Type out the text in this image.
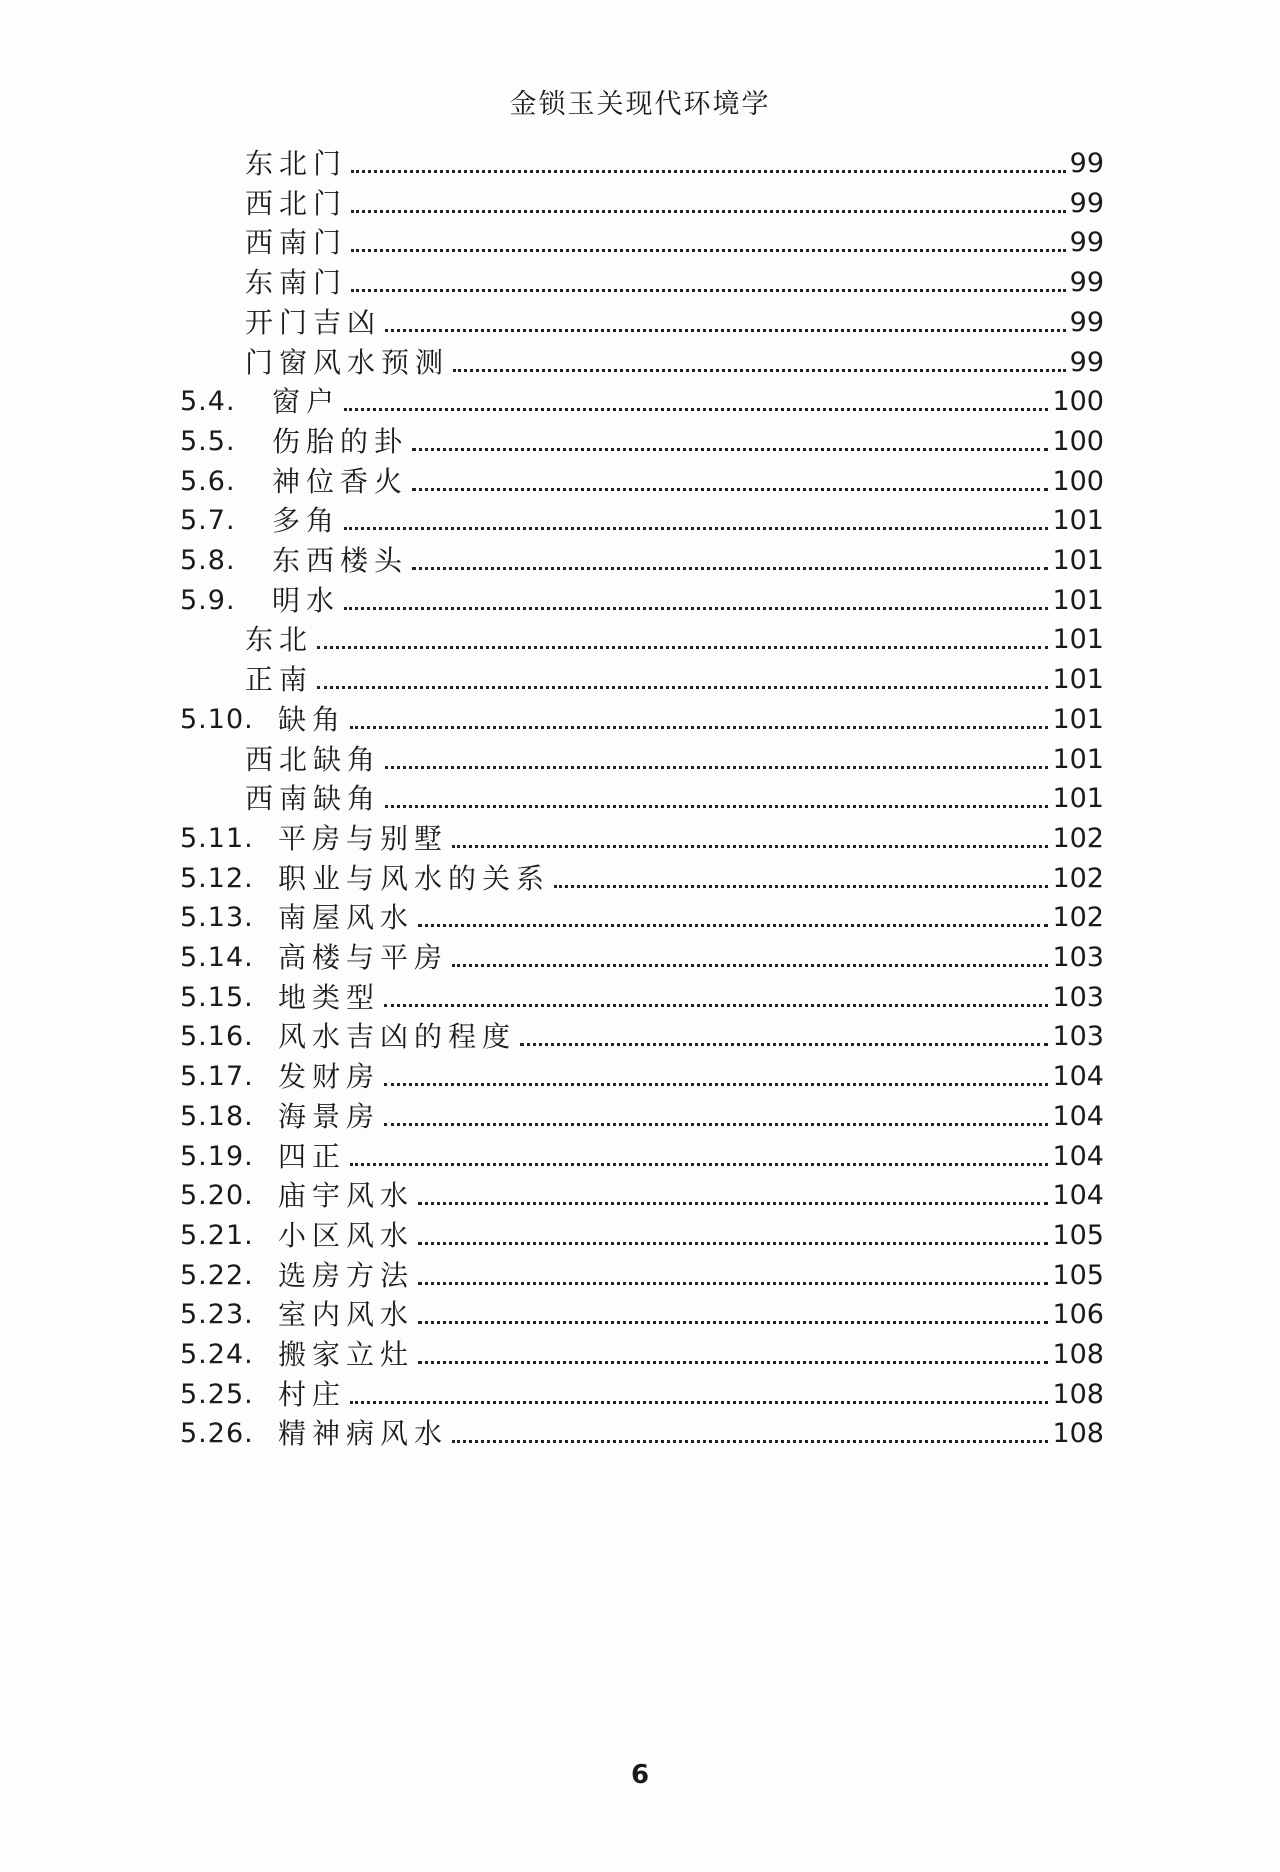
金锁玉关现代环境学
东北门	99
西北门	99
西南门	99
东南门	99
开门吉凶	99
门窗风水预测	99
5.4.	窗户	100
5.5.	伤胎的卦	100
5.6.	神位香火	100
5.7.	多角	101
5.8.	东西楼头	101
5.9.	明水	101
东北	101
正南	101
5.10. 缺角	101
西北缺角	101
西南缺角	101
5.11. 平房与别墅	102
5.12. 职业与风水的关系	102
5.13. 南屋风水	102
5.14. 高楼与平房	103
5.15. 地类型	103
5.16. 风水吉凶的程度	103
5.17. 发财房	104
5.18. 海景房	104
5.19. 四正	104
5.20. 庙宇风水	104
5.21. 小区风水	105
5.22. 选房方法	105
5.23. 室内风水	106
5.24. 搬家立灶	108
5.25. 村庄	108
5.26. 精神病风水	108
6
